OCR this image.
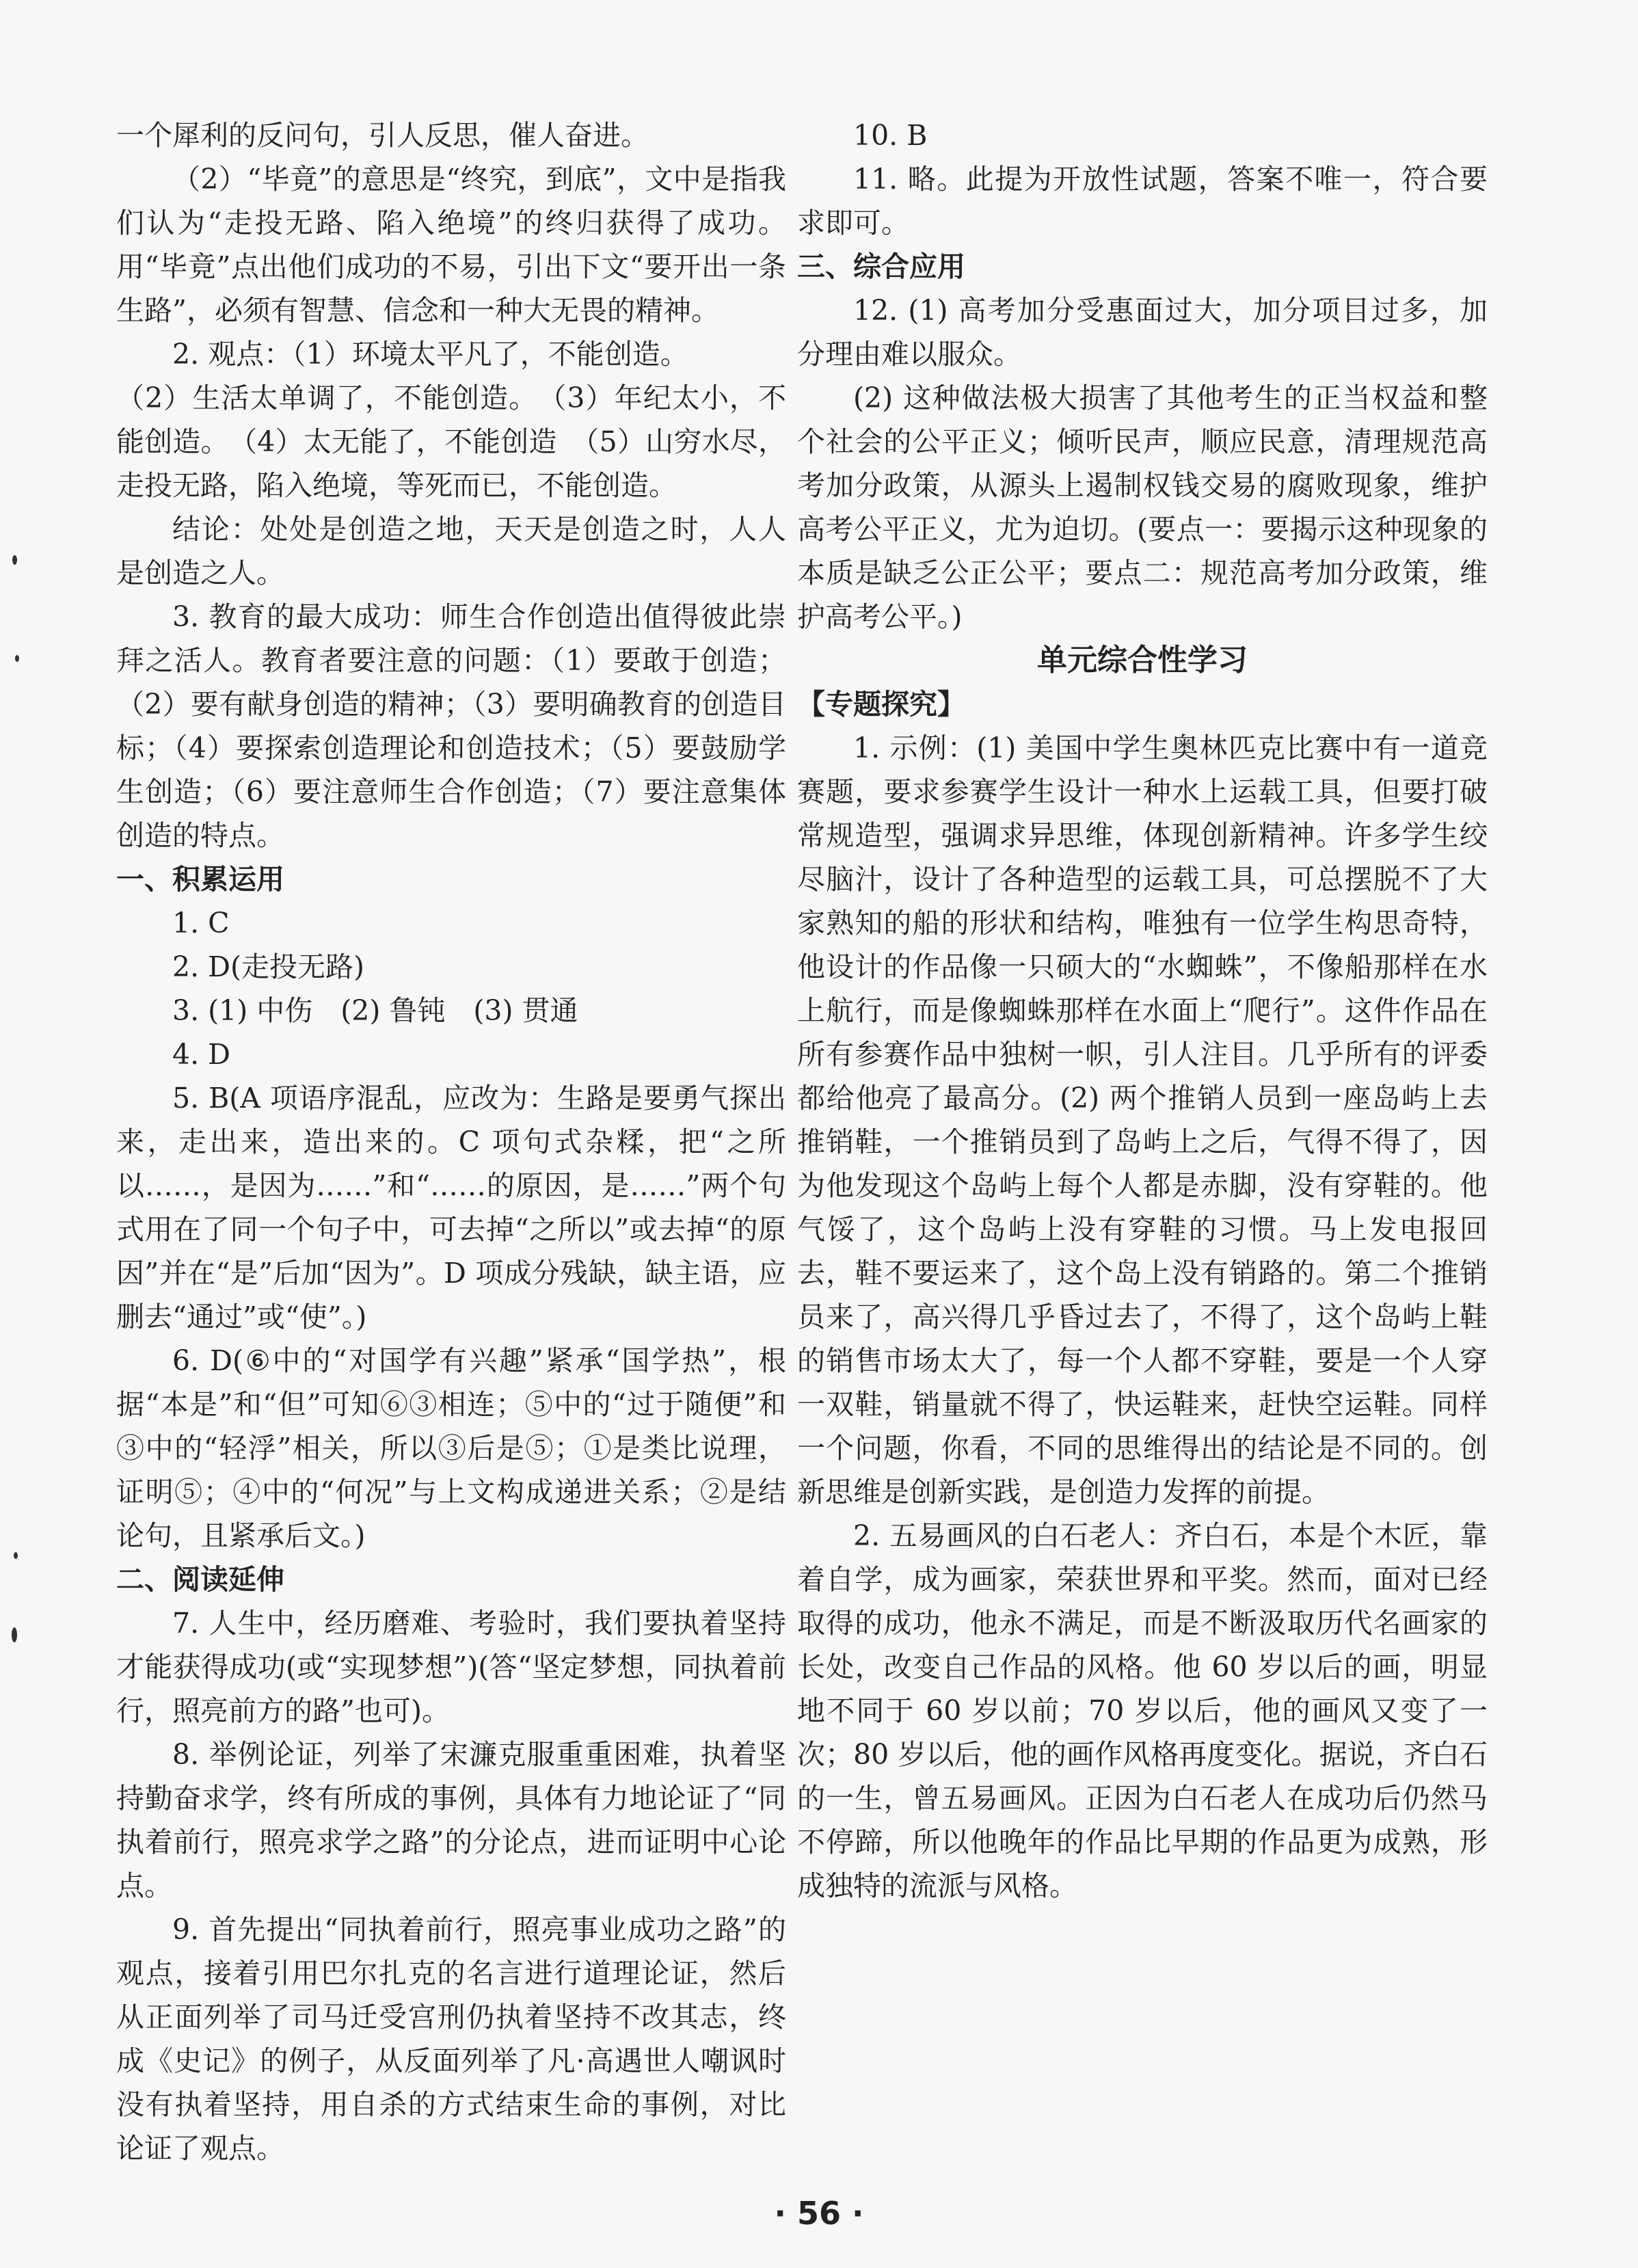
一个犀利的反问句，引人反思，催人奋进。

（2）“毕竟”的意思是“终究，到底”，文中是指我们认为“走投无路、陷入绝境”的终归获得了成功。用“毕竟”点出他们成功的不易，引出下文“要开出一条生路”，必须有智慧、信念和一种大无畏的精神。

2. 观点：（1）环境太平凡了，不能创造。

（2）生活太单调了，不能创造。　（3）年纪太小，不能创造。　（4）太无能了，不能创造　（5）山穷水尽，走投无路，陷入绝境，等死而已，不能创造。

结论：处处是创造之地，天天是创造之时，人人是创造之人。

3. 教育的最大成功：师生合作创造出值得彼此崇拜之活人。教育者要注意的问题：（1）要敢于创造；（2）要有献身创造的精神；（3）要明确教育的创造目标；（4）要探索创造理论和创造技术；（5）要鼓励学生创造；（6）要注意师生合作创造；（7）要注意集体创造的特点。

一、积累运用

1. C

2. D(走投无路)

3. (1) 中伤　(2) 鲁钝　(3) 贯通

4. D

5. B(A 项语序混乱，应改为：生路是要勇气探出来，走出来，造出来的。C 项句式杂糅，把“之所以……，是因为……”和“……的原因，是……”两个句式用在了同一个句子中，可去掉“之所以”或去掉“的原因”并在“是”后加“因为”。D 项成分残缺，缺主语，应删去“通过”或“使”。)

6. D(⑥中的“对国学有兴趣”紧承“国学热”，根据“本是”和“但”可知⑥③相连；⑤中的“过于随便”和③中的“轻浮”相关，所以③后是⑤；①是类比说理，证明⑤；④中的“何况”与上文构成递进关系；②是结论句，且紧承后文。)

二、阅读延伸

7. 人生中，经历磨难、考验时，我们要执着坚持才能获得成功(或“实现梦想”)(答“坚定梦想，同执着前行，照亮前方的路”也可)。

8. 举例论证，列举了宋濂克服重重困难，执着坚持勤奋求学，终有所成的事例，具体有力地论证了“同执着前行，照亮求学之路”的分论点，进而证明中心论点。

9. 首先提出“同执着前行，照亮事业成功之路”的观点，接着引用巴尔扎克的名言进行道理论证，然后从正面列举了司马迁受宫刑仍执着坚持不改其志，终成《史记》的例子，从反面列举了凡·高遇世人嘲讽时没有执着坚持，用自杀的方式结束生命的事例，对比论证了观点。

10. B

11. 略。此提为开放性试题，答案不唯一，符合要求即可。

三、综合应用

12. (1) 高考加分受惠面过大，加分项目过多，加分理由难以服众。

(2) 这种做法极大损害了其他考生的正当权益和整个社会的公平正义；倾听民声，顺应民意，清理规范高考加分政策，从源头上遏制权钱交易的腐败现象，维护高考公平正义，尤为迫切。(要点一：要揭示这种现象的本质是缺乏公正公平；要点二：规范高考加分政策，维护高考公平。)

单元综合性学习

【专题探究】

1. 示例：(1) 美国中学生奥林匹克比赛中有一道竞赛题，要求参赛学生设计一种水上运载工具，但要打破常规造型，强调求异思维，体现创新精神。许多学生绞尽脑汁，设计了各种造型的运载工具，可总摆脱不了大家熟知的船的形状和结构，唯独有一位学生构思奇特，他设计的作品像一只硕大的“水蜘蛛”，不像船那样在水上航行，而是像蜘蛛那样在水面上“爬行”。这件作品在所有参赛作品中独树一帜，引人注目。几乎所有的评委都给他亮了最高分。(2) 两个推销人员到一座岛屿上去推销鞋，一个推销员到了岛屿上之后，气得不得了，因为他发现这个岛屿上每个人都是赤脚，没有穿鞋的。他气馁了，这个岛屿上没有穿鞋的习惯。马上发电报回去，鞋不要运来了，这个岛上没有销路的。第二个推销员来了，高兴得几乎昏过去了，不得了，这个岛屿上鞋的销售市场太大了，每一个人都不穿鞋，要是一个人穿一双鞋，销量就不得了，快运鞋来，赶快空运鞋。同样一个问题，你看，不同的思维得出的结论是不同的。创新思维是创新实践，是创造力发挥的前提。

2. 五易画风的白石老人：齐白石，本是个木匠，靠着自学，成为画家，荣获世界和平奖。然而，面对已经取得的成功，他永不满足，而是不断汲取历代名画家的长处，改变自己作品的风格。他 60 岁以后的画，明显地不同于 60 岁以前；70 岁以后，他的画风又变了一次；80 岁以后，他的画作风格再度变化。据说，齐白石的一生，曾五易画风。正因为白石老人在成功后仍然马不停蹄，所以他晚年的作品比早期的作品更为成熟，形成独特的流派与风格。

· 56 ·
